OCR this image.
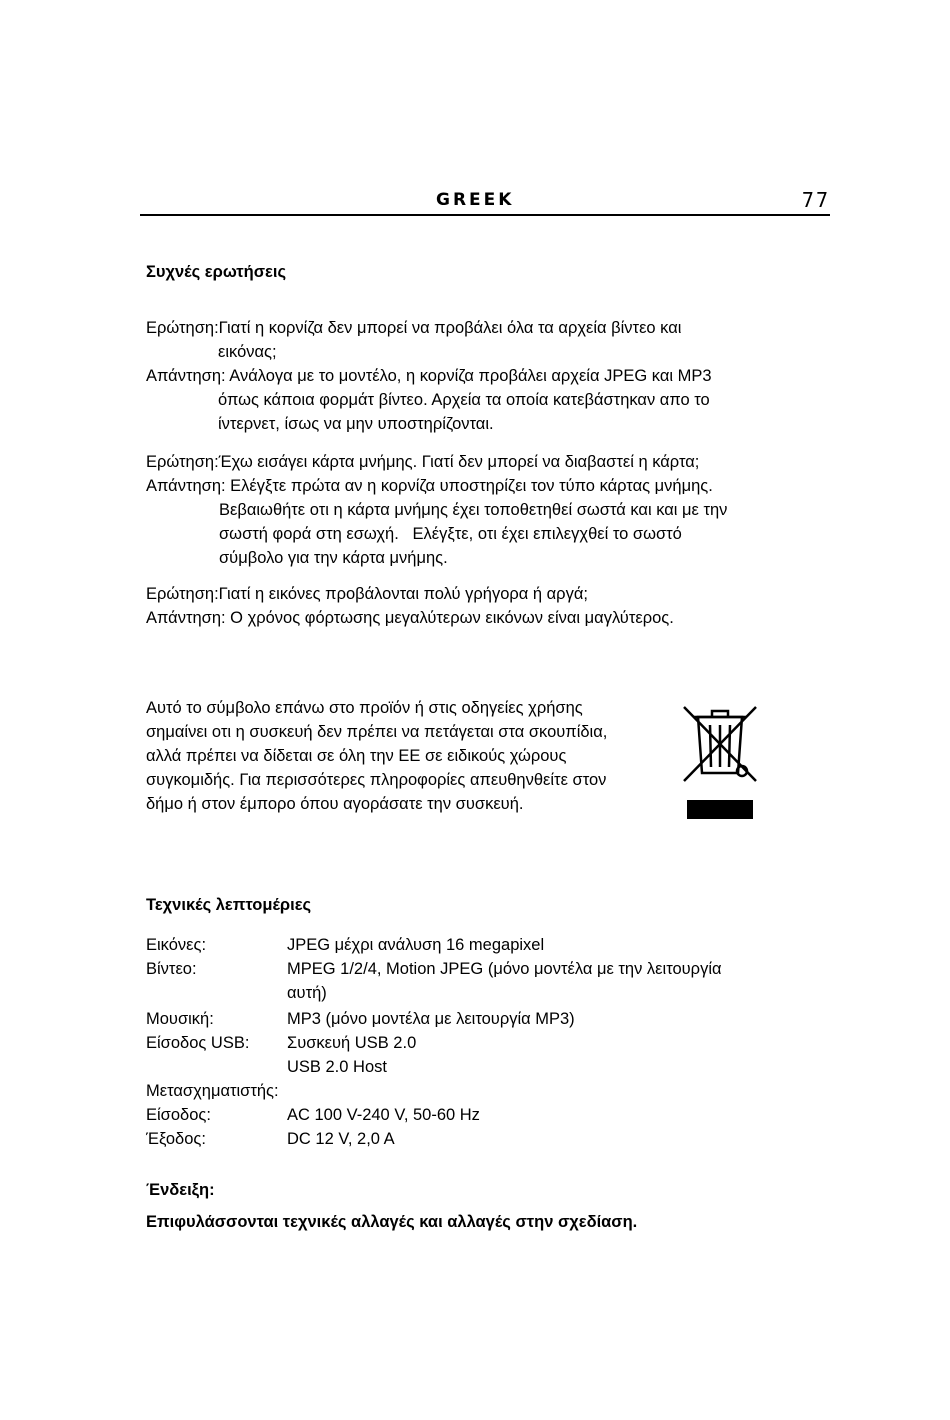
GREEK	77
Συχνές ερωτήσεις
Ερώτηση:Γιατί η κορνίζα δεν μπορεί να προβάλει όλα τα αρχεία βίντεο και
εικόνας;
Απάντηση: Ανάλογα με το μοντέλο, η κορνίζα προβάλει αρχεία JPEG και MP3
όπως κάποια φορμάτ βίντεο. Αρχεία τα οποία κατεβάστηκαν απο το
ίντερνετ, ίσως να μην υποστηρίζονται.
Ερώτηση:Έχω εισάγει κάρτα μνήμης. Γιατί δεν μπορεί να διαβαστεί η κάρτα;
Απάντηση: Ελέγξτε πρώτα αν η κορνίζα υποστηρίζει τον τύπο κάρτας μνήμης.
Βεβαιωθήτε οτι η κάρτα μνήμης έχει τοποθετηθεί σωστά και και με την
σωστή φορά στη εσωχή.   Ελέγξτε, οτι έχει επιλεγχθεί το σωστό
σύμβολο για την κάρτα μνήμης.
Ερώτηση:Γιατί η εικόνες προβάλονται πολύ γρήγορα ή αργά;
Απάντηση: Ο χρόνος φόρτωσης μεγαλύτερων εικόνων είναι μαγλύτερος.
Αυτό το σύμβολο επάνω στο προϊόν ή στις οδηγείες χρήσης
σημαίνει οτι η συσκευή δεν πρέπει να πετάγεται στα σκουπίδια,
αλλά πρέπει να δίδεται σε όλη την ΕΕ σε ειδικούς χώρους
συγκομιδής. Για περισσότερες πληροφορίες απευθηνθείτε στον
δήμο ή στον έμπορο όπου αγοράσατε την συσκευή.
Τεχνικές λεπτομέριες
Εικόνες:	JPEG μέχρι ανάλυση 16 megapixel
Βίντεο:	MPEG 1/2/4, Motion JPEG (μόνο μοντέλα με την λειτουργία
αυτή)
Μουσική:	MP3 (μόνο μοντέλα με λειτουργία MP3)
Είσοδος USB: Συσκευή USB 2.0
USB 2.0 Host
Μετασχηματιστής:
Είσοδος:	AC 100 V-240 V, 50-60 Hz
Έξοδος:	DC 12 V, 2,0 A
Ένδειξη:
Επιφυλάσσονται τεχνικές αλλαγές και αλλαγές στην σχεδίαση.
